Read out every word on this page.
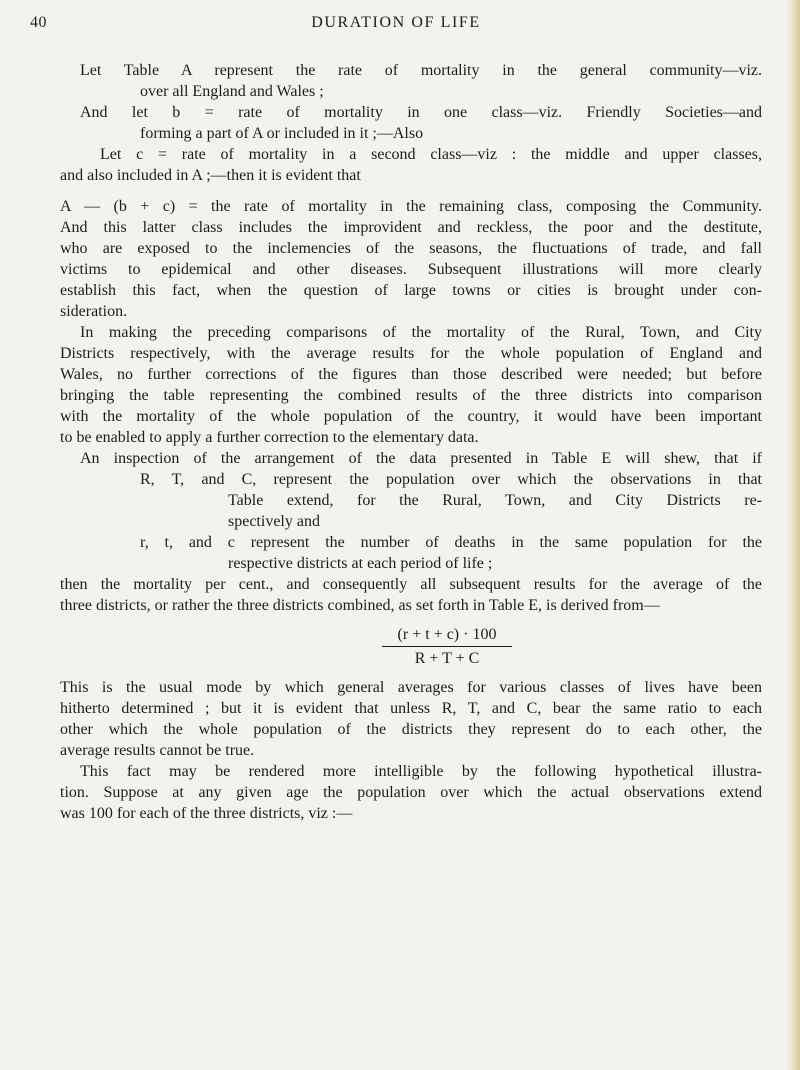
40	DURATION OF LIFE
Let Table A represent the rate of mortality in the general community—viz.
over all England and Wales ;
And let b = rate of mortality in one class—viz. Friendly Societies—and
forming a part of A or included in it ;—Also
Let c = rate of mortality in a second class—viz : the middle and upper classes,
and also included in A ;—then it is evident that
A — (b + c) = the rate of mortality in the remaining class, composing the Community.
And this latter class includes the improvident and reckless, the poor and the destitute,
who are exposed to the inclemencies of the seasons, the fluctuations of trade, and fall
victims to epidemical and other diseases. Subsequent illustrations will more clearly
establish this fact, when the question of large towns or cities is brought under con-
sideration.
In making the preceding comparisons of the mortality of the Rural, Town, and City
Districts respectively, with the average results for the whole population of England and
Wales, no further corrections of the figures than those described were needed; but before
bringing the table representing the combined results of the three districts into comparison
with the mortality of the whole population of the country, it would have been important
to be enabled to apply a further correction to the elementary data.
An inspection of the arrangement of the data presented in Table E will shew, that if
R, T, and C, represent the population over which the observations in that
Table extend, for the Rural, Town, and City Districts re-
spectively and
r, t, and c represent the number of deaths in the same population for the
respective districts at each period of life ;
then the mortality per cent., and consequently all subsequent results for the average of the
three districts, or rather the three districts combined, as set forth in Table E, is derived from—
(r + t + c) · 100
R + T + C
This is the usual mode by which general averages for various classes of lives have been
hitherto determined ; but it is evident that unless R, T, and C, bear the same ratio to each
other which the whole population of the districts they represent do to each other, the
average results cannot be true.
This fact may be rendered more intelligible by the following hypothetical illustra-
tion. Suppose at any given age the population over which the actual observations extend
was 100 for each of the three districts, viz :—
